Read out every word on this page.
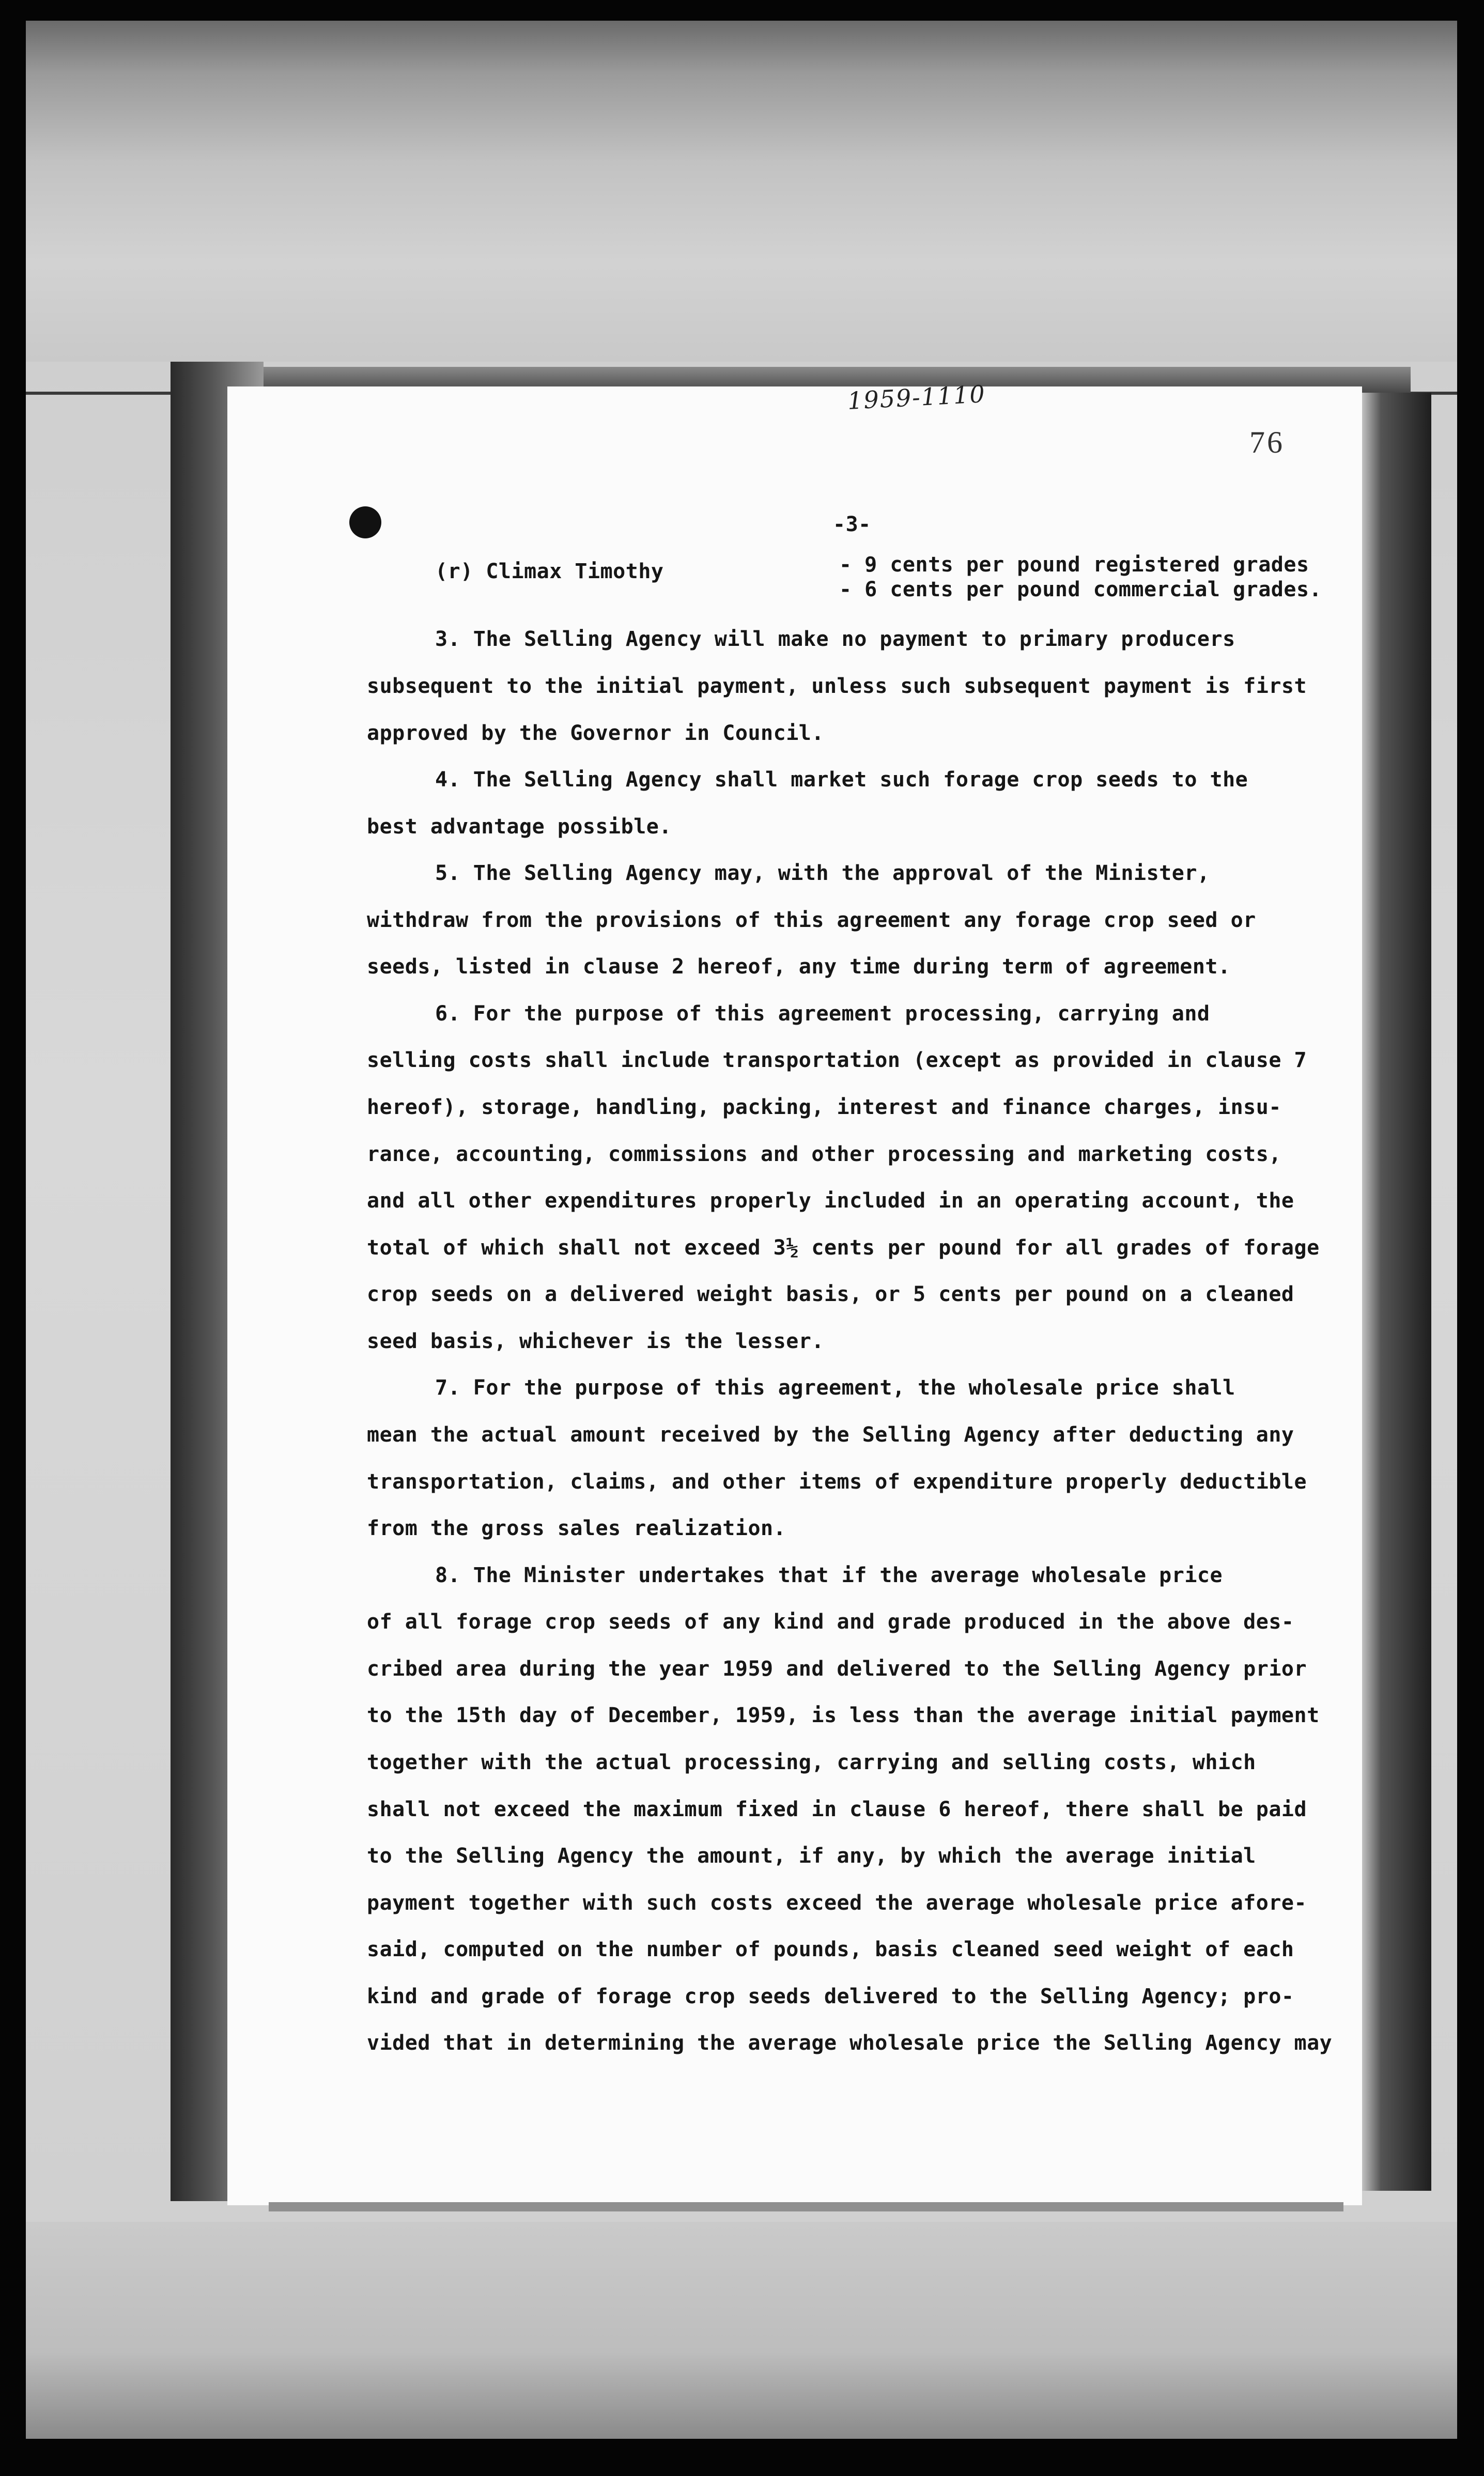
1959-1110

76

-3-

(r) Climax Timothy	- 9 cents per pound registered grades

- 6 cents per pound commercial grades.

3. The Selling Agency will make no payment to primary producers

subsequent to the initial payment, unless such subsequent payment is first

approved by the Governor in Council.

4. The Selling Agency shall market such forage crop seeds to the

best advantage possible.

5. The Selling Agency may, with the approval of the Minister,

withdraw from the provisions of this agreement any forage crop seed or

seeds, listed in clause 2 hereof, any time during term of agreement.

6. For the purpose of this agreement processing, carrying and

selling costs shall include transportation (except as provided in clause 7

hereof), storage, handling, packing, interest and finance charges, insu-

rance, accounting, commissions and other processing and marketing costs,

and all other expenditures properly included in an operating account, the

total of which shall not exceed 3½ cents per pound for all grades of forage

crop seeds on a delivered weight basis, or 5 cents per pound on a cleaned

seed basis, whichever is the lesser.

7. For the purpose of this agreement, the wholesale price shall

mean the actual amount received by the Selling Agency after deducting any

transportation, claims, and other items of expenditure properly deductible

from the gross sales realization.

8. The Minister undertakes that if the average wholesale price

of all forage crop seeds of any kind and grade produced in the above des-

cribed area during the year 1959 and delivered to the Selling Agency prior

to the 15th day of December, 1959, is less than the average initial payment

together with the actual processing, carrying and selling costs, which

shall not exceed the maximum fixed in clause 6 hereof, there shall be paid

to the Selling Agency the amount, if any, by which the average initial

payment together with such costs exceed the average wholesale price afore-

said, computed on the number of pounds, basis cleaned seed weight of each

kind and grade of forage crop seeds delivered to the Selling Agency; pro-

vided that in determining the average wholesale price the Selling Agency may
